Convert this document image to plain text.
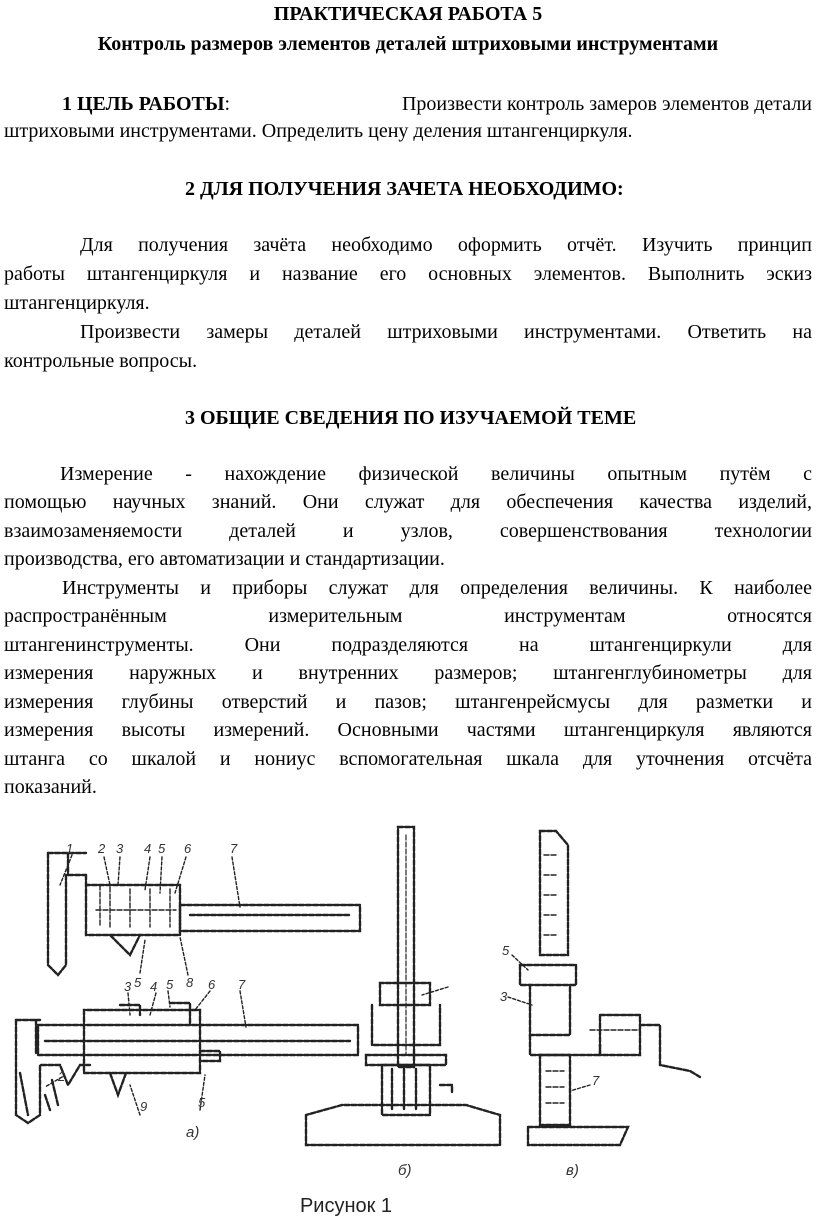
ПРАКТИЧЕСКАЯ РАБОТА 5
Контроль размеров элементов деталей штриховыми инструментами
1 ЦЕЛЬ РАБОТЫ:	Произвести контроль замеров элементов детали
штриховыми инструментами. Определить цену деления штангенциркуля.
2 ДЛЯ ПОЛУЧЕНИЯ ЗАЧЕТА НЕОБХОДИМО:
Для получения зачёта необходимо оформить отчёт. Изучить принцип
работы штангенциркуля и название его основных элементов. Выполнить эскиз
штангенциркуля.
Произвести замеры деталей штриховыми инструментами. Ответить на
контрольные вопросы.
3 ОБЩИЕ СВЕДЕНИЯ ПО ИЗУЧАЕМОЙ ТЕМЕ
Измерение - нахождение физической величины опытным путём с
помощью научных знаний. Они служат для обеспечения качества изделий,
взаимозаменяемости деталей и узлов, совершенствования технологии
производства, его автоматизации и стандартизации.
Инструменты и приборы служат для определения величины. К наиболее
распространённым измерительным инструментам относятся
штангенинструменты. Они подразделяются на штангенциркули для
измерения наружных и внутренних размеров; штангенглубинометры для
измерения глубины отверстий и пазов; штангенрейсмусы для разметки и
измерения высоты измерений. Основными частями штангенциркуля являются
штанга со шкалой и нониус вспомогательная шкала для уточнения отсчёта
показаний.
1 2 3 4 5 6	7
5	8
3 4 5	6 7
2
9	5
5
3
7
а)
б)	в)
Рисунок 1
